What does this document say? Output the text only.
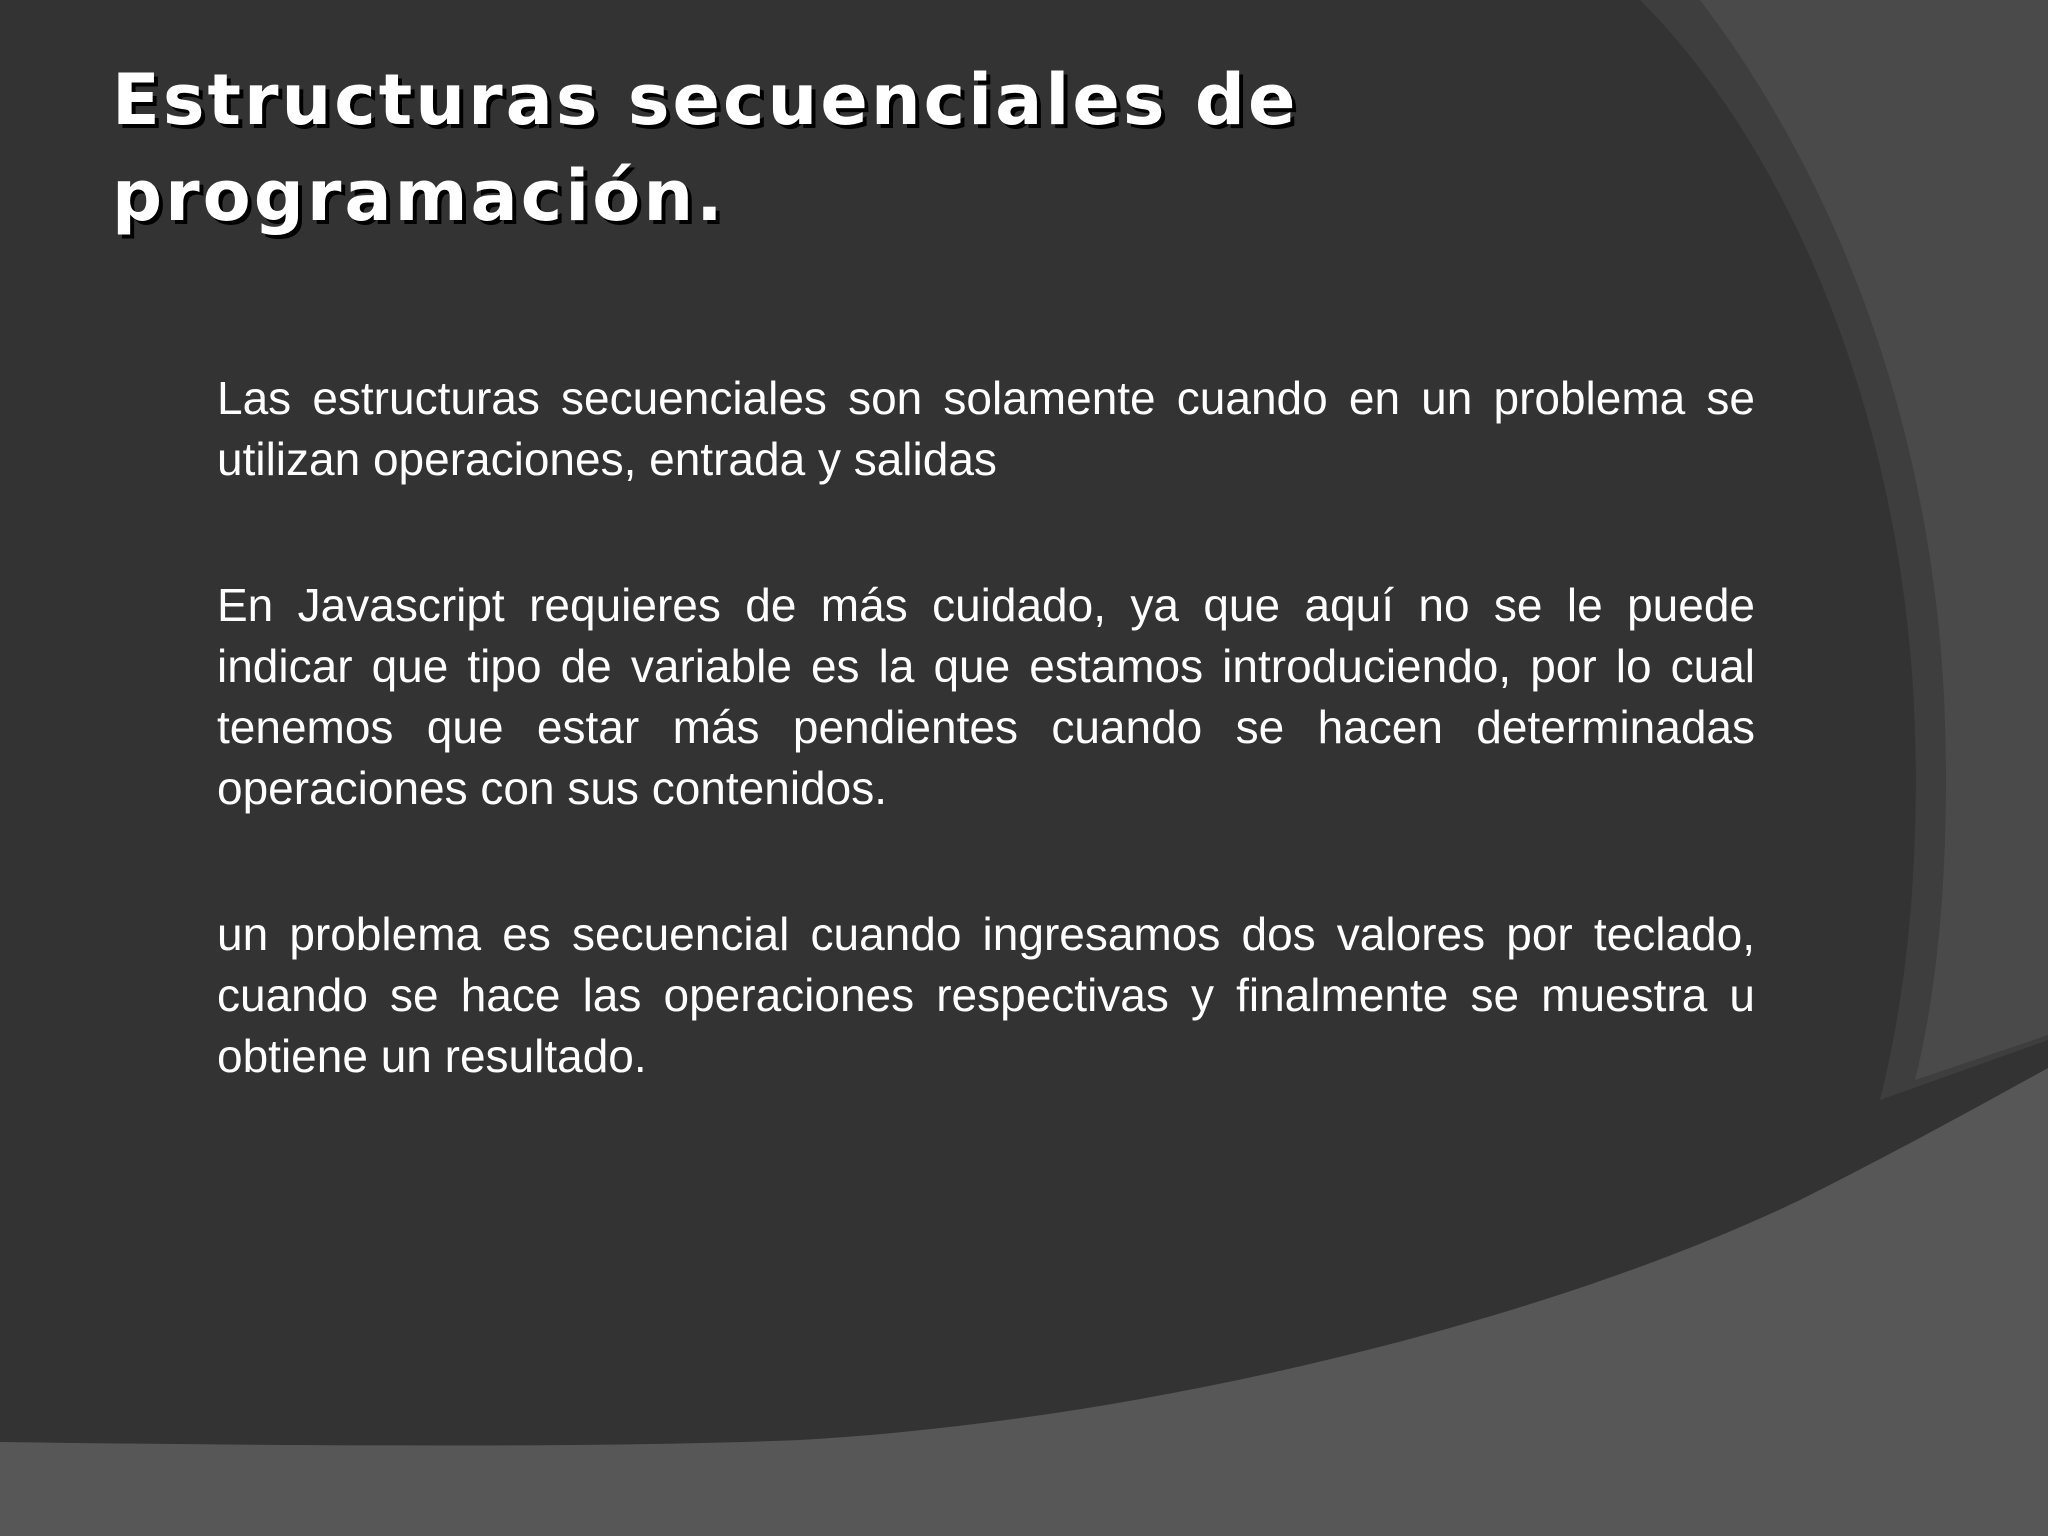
Estructuras secuenciales de programación.

Las estructuras secuenciales son solamente cuando en un problema se utilizan operaciones, entrada y salidas

En Javascript requieres de más cuidado, ya que aquí no se le puede indicar que tipo de variable es la que estamos introduciendo, por lo cual tenemos que estar más pendientes cuando se hacen determinadas operaciones con sus contenidos.

un problema es secuencial cuando ingresamos dos valores por teclado, cuando se hace las operaciones respectivas y finalmente se muestra u obtiene un resultado.
